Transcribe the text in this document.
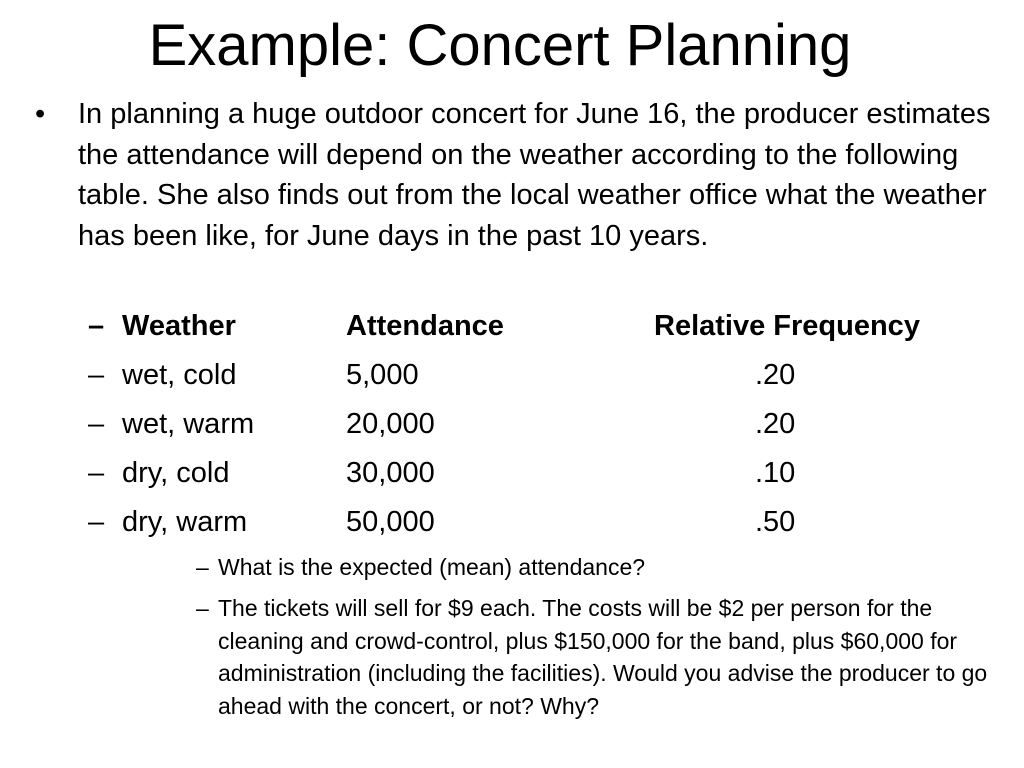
Example: Concert Planning
• In planning a huge outdoor concert for June 16, the producer estimates the attendance will depend on the weather according to the following table. She also finds out from the local weather office what the weather has been like, for June days in the past 10 years.
– Weather	Attendance	Relative Frequency
– wet, cold	5,000	.20
– wet, warm	20,000	.20
– dry, cold	30,000	.10
– dry, warm	50,000	.50
– What is the expected (mean) attendance?
– The tickets will sell for $9 each. The costs will be $2 per person for the cleaning and crowd-control, plus $150,000 for the band, plus $60,000 for administration (including the facilities). Would you advise the producer to go ahead with the concert, or not? Why?
